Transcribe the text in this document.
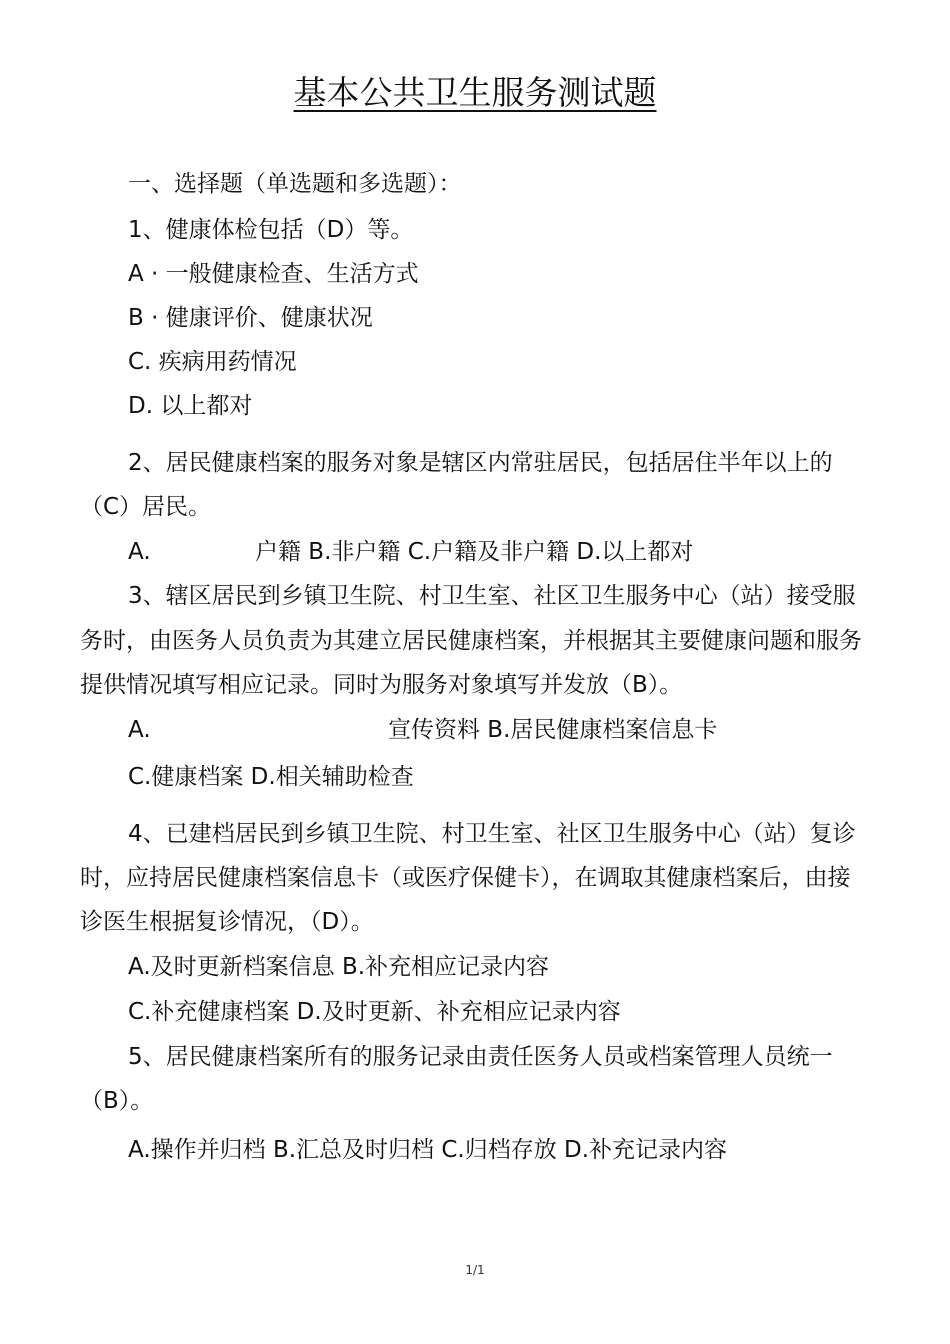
基本公共卫生服务测试题

一、选择题（单选题和多选题）：

1、健康体检包括（D）等。

A · 一般健康检查、生活方式

B · 健康评价、健康状况

C. 疾病用药情况

D. 以上都对

2、居民健康档案的服务对象是辖区内常驻居民，包括居住半年以上的

（C）居民。

A.	户籍 B.非户籍 C.户籍及非户籍 D.以上都对

3、辖区居民到乡镇卫生院、村卫生室、社区卫生服务中心（站）接受服

务时，由医务人员负责为其建立居民健康档案，并根据其主要健康问题和服务

提供情况填写相应记录。同时为服务对象填写并发放（B）。

A.	宣传资料 B.居民健康档案信息卡

C.健康档案 D.相关辅助检查

4、已建档居民到乡镇卫生院、村卫生室、社区卫生服务中心（站）复诊

时，应持居民健康档案信息卡（或医疗保健卡），在调取其健康档案后，由接

诊医生根据复诊情况，（D）。

A.及时更新档案信息 B.补充相应记录内容

C.补充健康档案 D.及时更新、补充相应记录内容

5、居民健康档案所有的服务记录由责任医务人员或档案管理人员统一

（B）。

A.操作并归档 B.汇总及时归档 C.归档存放 D.补充记录内容

1/1
